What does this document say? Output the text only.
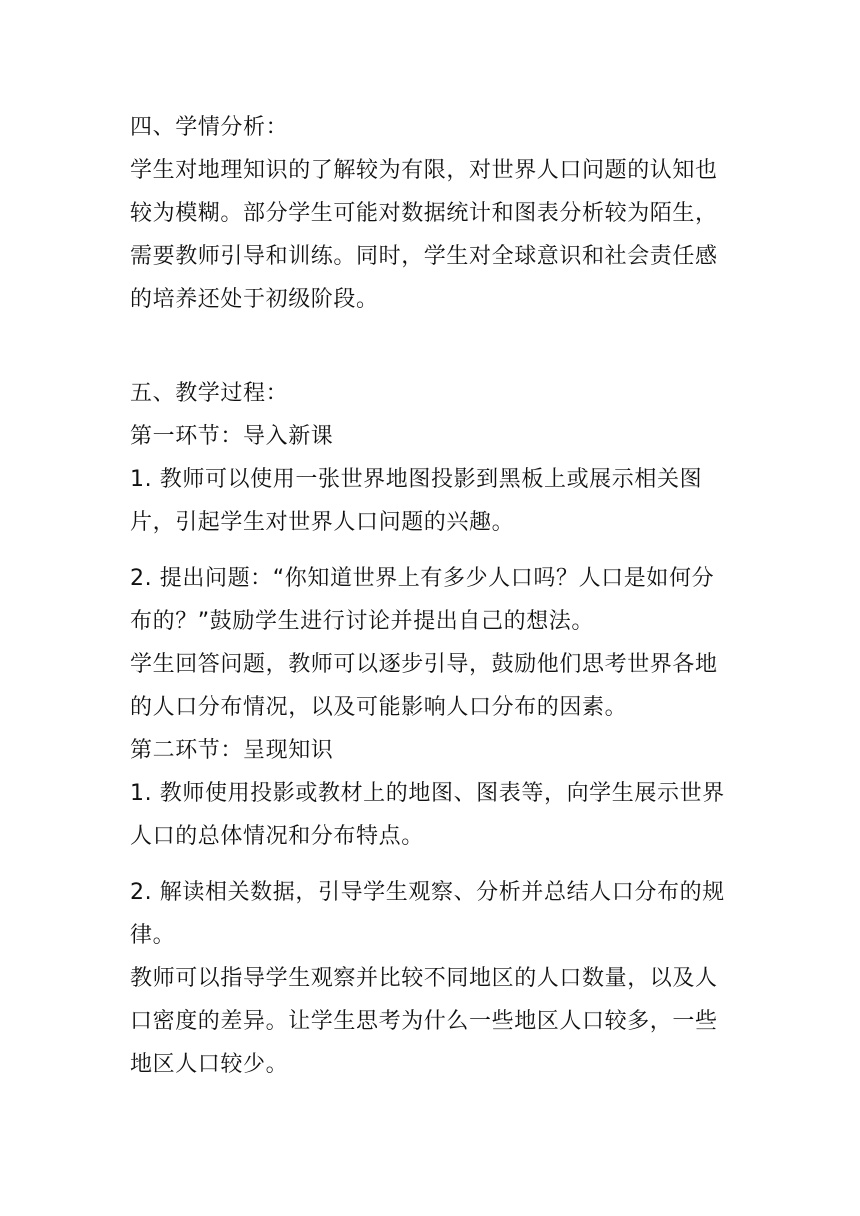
四、学情分析：
学生对地理知识的了解较为有限，对世界人口问题的认知也
较为模糊。部分学生可能对数据统计和图表分析较为陌生，
需要教师引导和训练。同时，学生对全球意识和社会责任感
的培养还处于初级阶段。
五、教学过程：
第一环节：导入新课
1. 教师可以使用一张世界地图投影到黑板上或展示相关图
片，引起学生对世界人口问题的兴趣。
2. 提出问题：“你知道世界上有多少人口吗？人口是如何分
布的？”鼓励学生进行讨论并提出自己的想法。
学生回答问题，教师可以逐步引导，鼓励他们思考世界各地
的人口分布情况，以及可能影响人口分布的因素。
第二环节：呈现知识
1. 教师使用投影或教材上的地图、图表等，向学生展示世界
人口的总体情况和分布特点。
2. 解读相关数据，引导学生观察、分析并总结人口分布的规
律。
教师可以指导学生观察并比较不同地区的人口数量，以及人
口密度的差异。让学生思考为什么一些地区人口较多，一些
地区人口较少。
